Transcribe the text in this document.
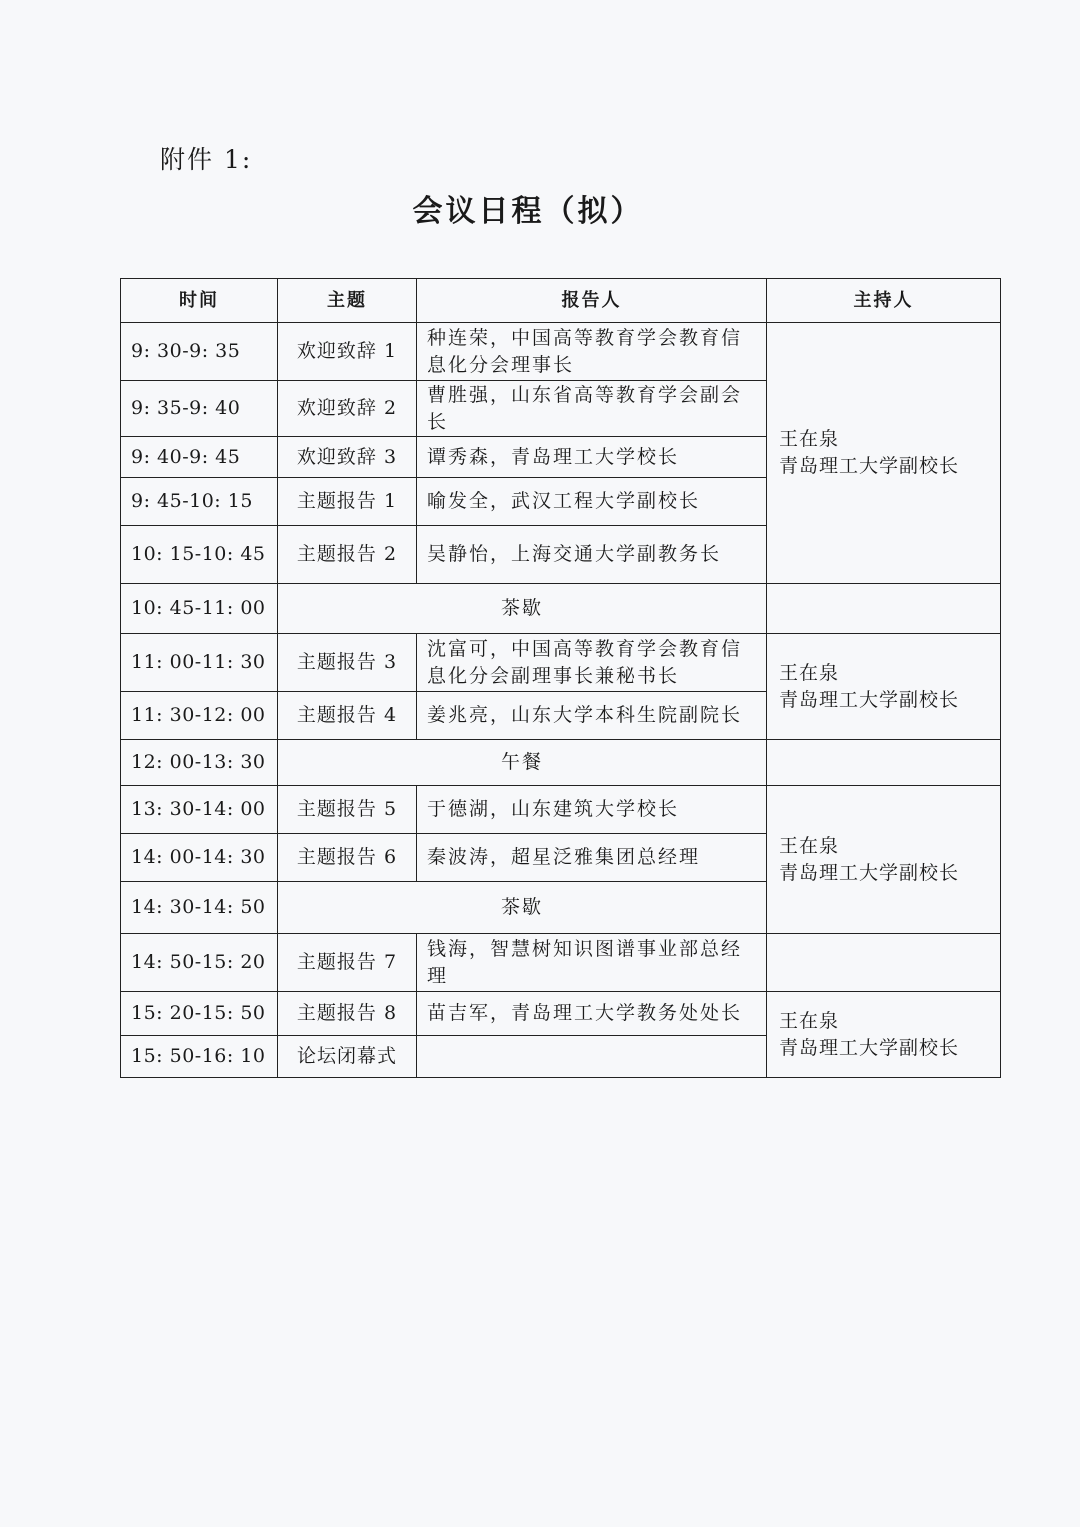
附件 1:
会议日程（拟）
时间	主题	报告人	主持人
9: 30-9: 35	欢迎致辞 1	种连荣，中国高等教育学会教育信息化分会理事长	王在泉
青岛理工大学副校长

9: 35-9: 40	欢迎致辞 2	曹胜强，山东省高等教育学会副会长	
9: 40-9: 45	欢迎致辞 3	谭秀森，青岛理工大学校长	
9: 45-10: 15	主题报告 1	喻发全，武汉工程大学副校长	
10: 15-10: 45	主题报告 2	吴静怡，上海交通大学副教务长	
10: 45-11: 00	茶歇		
11: 00-11: 30	主题报告 3	沈富可，中国高等教育学会教育信息化分会副理事长兼秘书长	王在泉
青岛理工大学副校长

11: 30-12: 00	主题报告 4	姜兆亮，山东大学本科生院副院长	
12: 00-13: 30	午餐		
13: 30-14: 00	主题报告 5	于德湖，山东建筑大学校长	王在泉
青岛理工大学副校长

14: 00-14: 30	主题报告 6	秦波涛，超星泛雅集团总经理	
14: 30-14: 50	茶歇		
14: 50-15: 20	主题报告 7	钱海，智慧树知识图谱事业部总经理	
15: 20-15: 50	主题报告 8	苗吉军，青岛理工大学教务处处长	王在泉
青岛理工大学副校长

15: 50-16: 10	论坛闭幕式		
